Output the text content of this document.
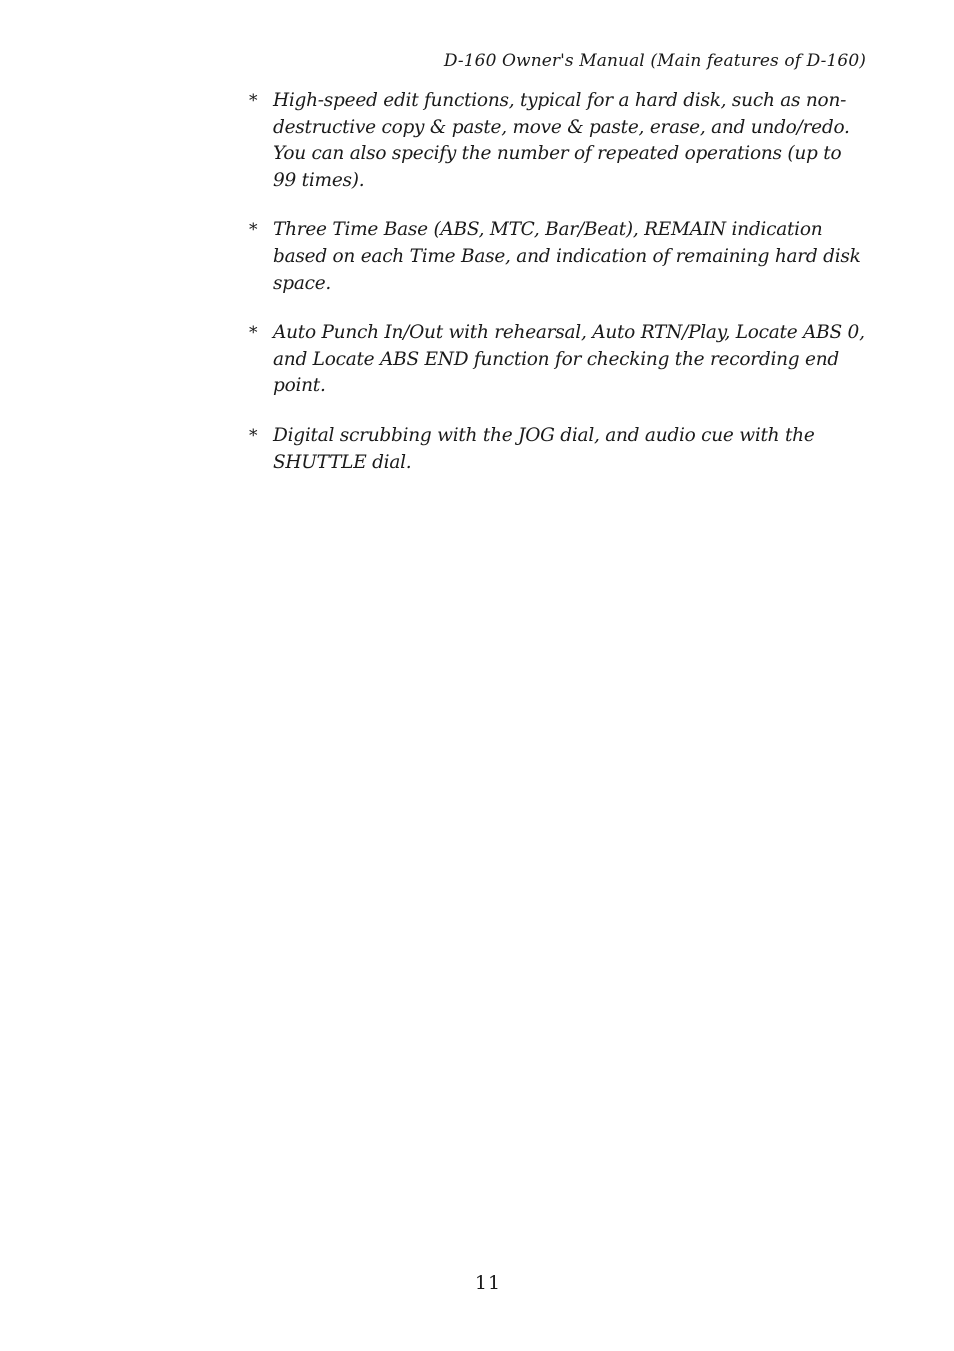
D-160 Owner's Manual (Main features of D-160)
* High-speed edit functions, typical for a hard disk, such as non-destructive copy & paste, move & paste, erase, and undo/redo. You can also specify the number of repeated operations (up to 99 times).
* Three Time Base (ABS, MTC, Bar/Beat), REMAIN indication based on each Time Base, and indication of remaining hard disk space.
* Auto Punch In/Out with rehearsal, Auto RTN/Play, Locate ABS 0, and Locate ABS END function for checking the recording end point.
* Digital scrubbing with the JOG dial, and audio cue with the SHUTTLE dial.
11
